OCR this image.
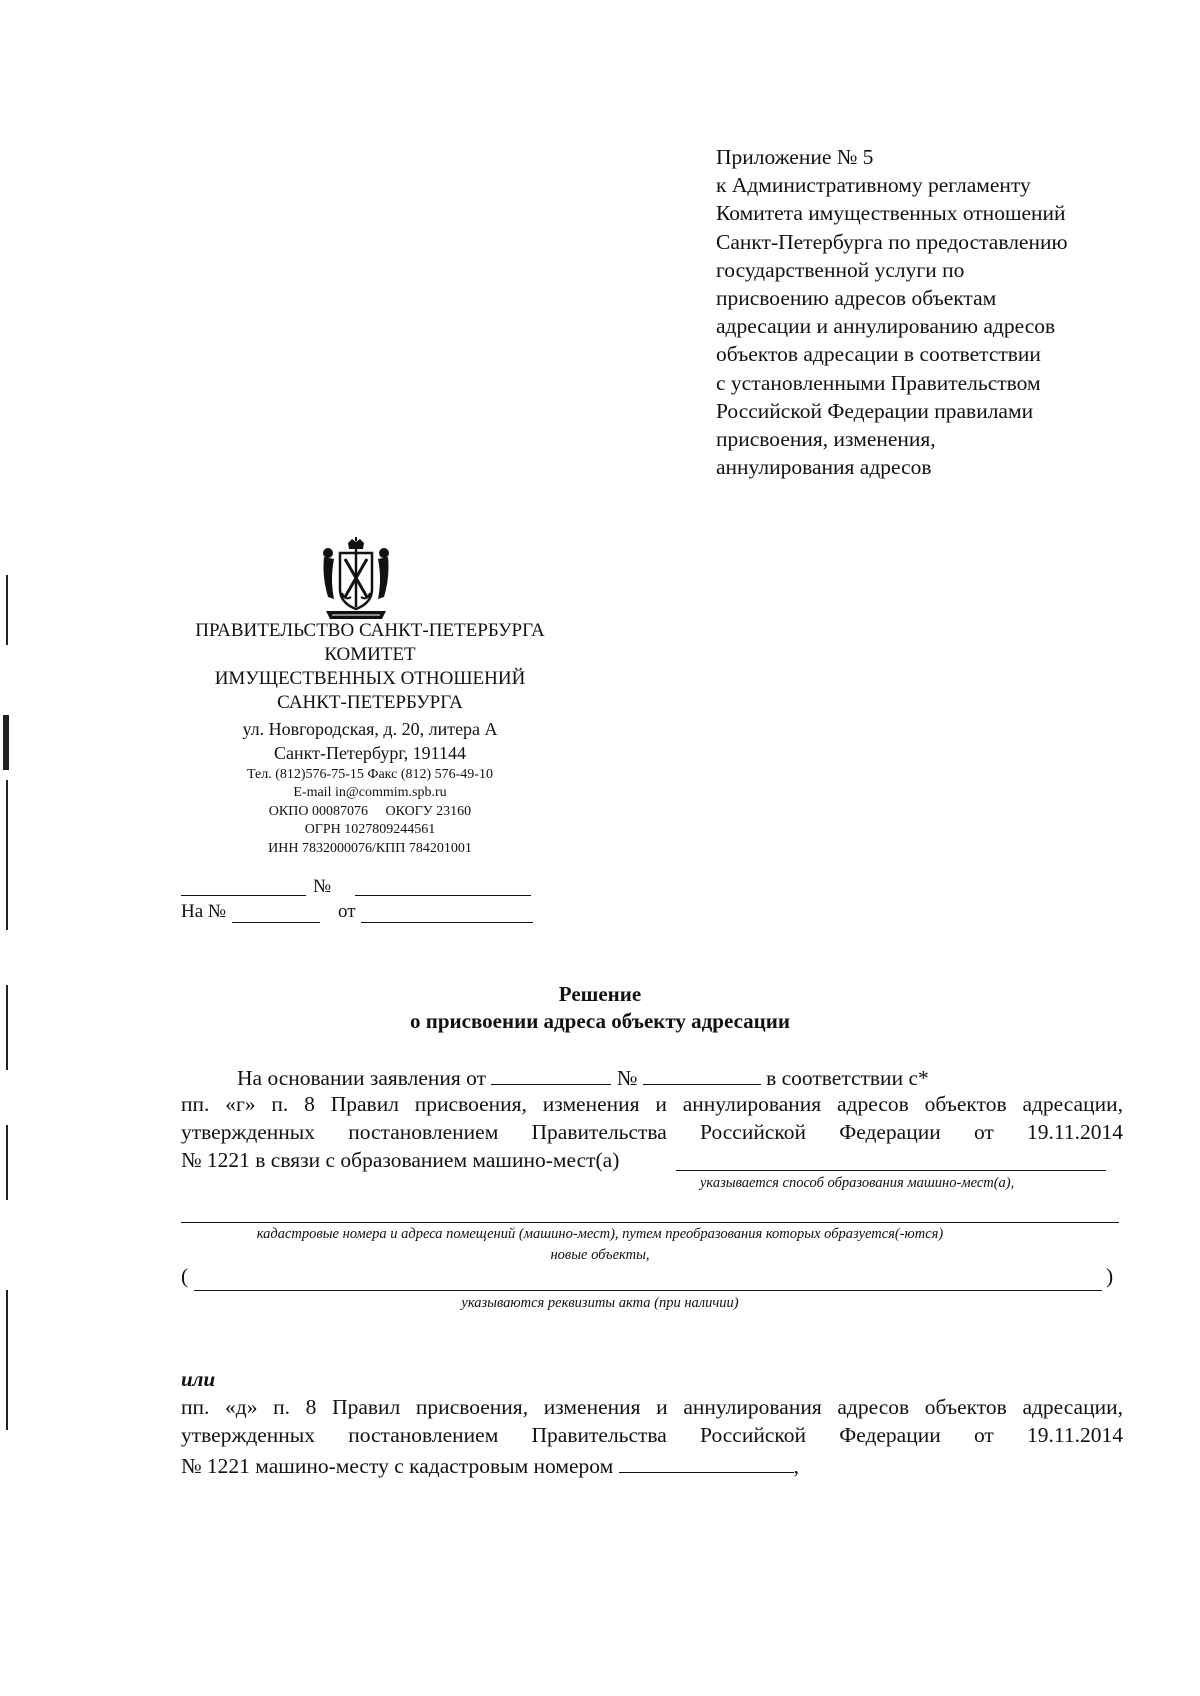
Приложение № 5
к Административному регламенту
Комитета имущественных отношений
Санкт-Петербурга по предоставлению
государственной услуги по
присвоению адресов объектам
адресации и аннулированию адресов
объектов адресации в соответствии
с установленными Правительством
Российской Федерации правилами
присвоения, изменения,
аннулирования адресов
ПРАВИТЕЛЬСТВО САНКТ-ПЕТЕРБУРГА
КОМИТЕТ
ИМУЩЕСТВЕННЫХ ОТНОШЕНИЙ
САНКТ-ПЕТЕРБУРГА
ул. Новгородская, д. 20, литера А
Санкт-Петербург, 191144
Тел. (812)576-75-15 Факс (812) 576-49-10
E-mail in@commim.spb.ru
ОКПО 00087076     ОКОГУ 23160
ОГРН 1027809244561
ИНН 7832000076/КПП 784201001
№
На №	от
Решение
о присвоении адреса объекту адресации
На основании заявления от	№	в соответствии с*
пп. «г» п. 8 Правил присвоения, изменения и аннулирования адресов объектов адресации,
утвержденных постановлением Правительства Российской Федерации от 19.11.2014
№ 1221 в связи с образованием машино-мест(а)
указывается способ образования машино-мест(а),
кадастровые номера и адреса помещений (машино-мест), путем преобразования которых образуется(-ются)
новые объекты,
(	)
указываются реквизиты акта (при наличии)
или
пп. «д» п. 8 Правил присвоения, изменения и аннулирования адресов объектов адресации,
утвержденных постановлением Правительства Российской Федерации от 19.11.2014
№ 1221 машино-месту с кадастровым номером	,
